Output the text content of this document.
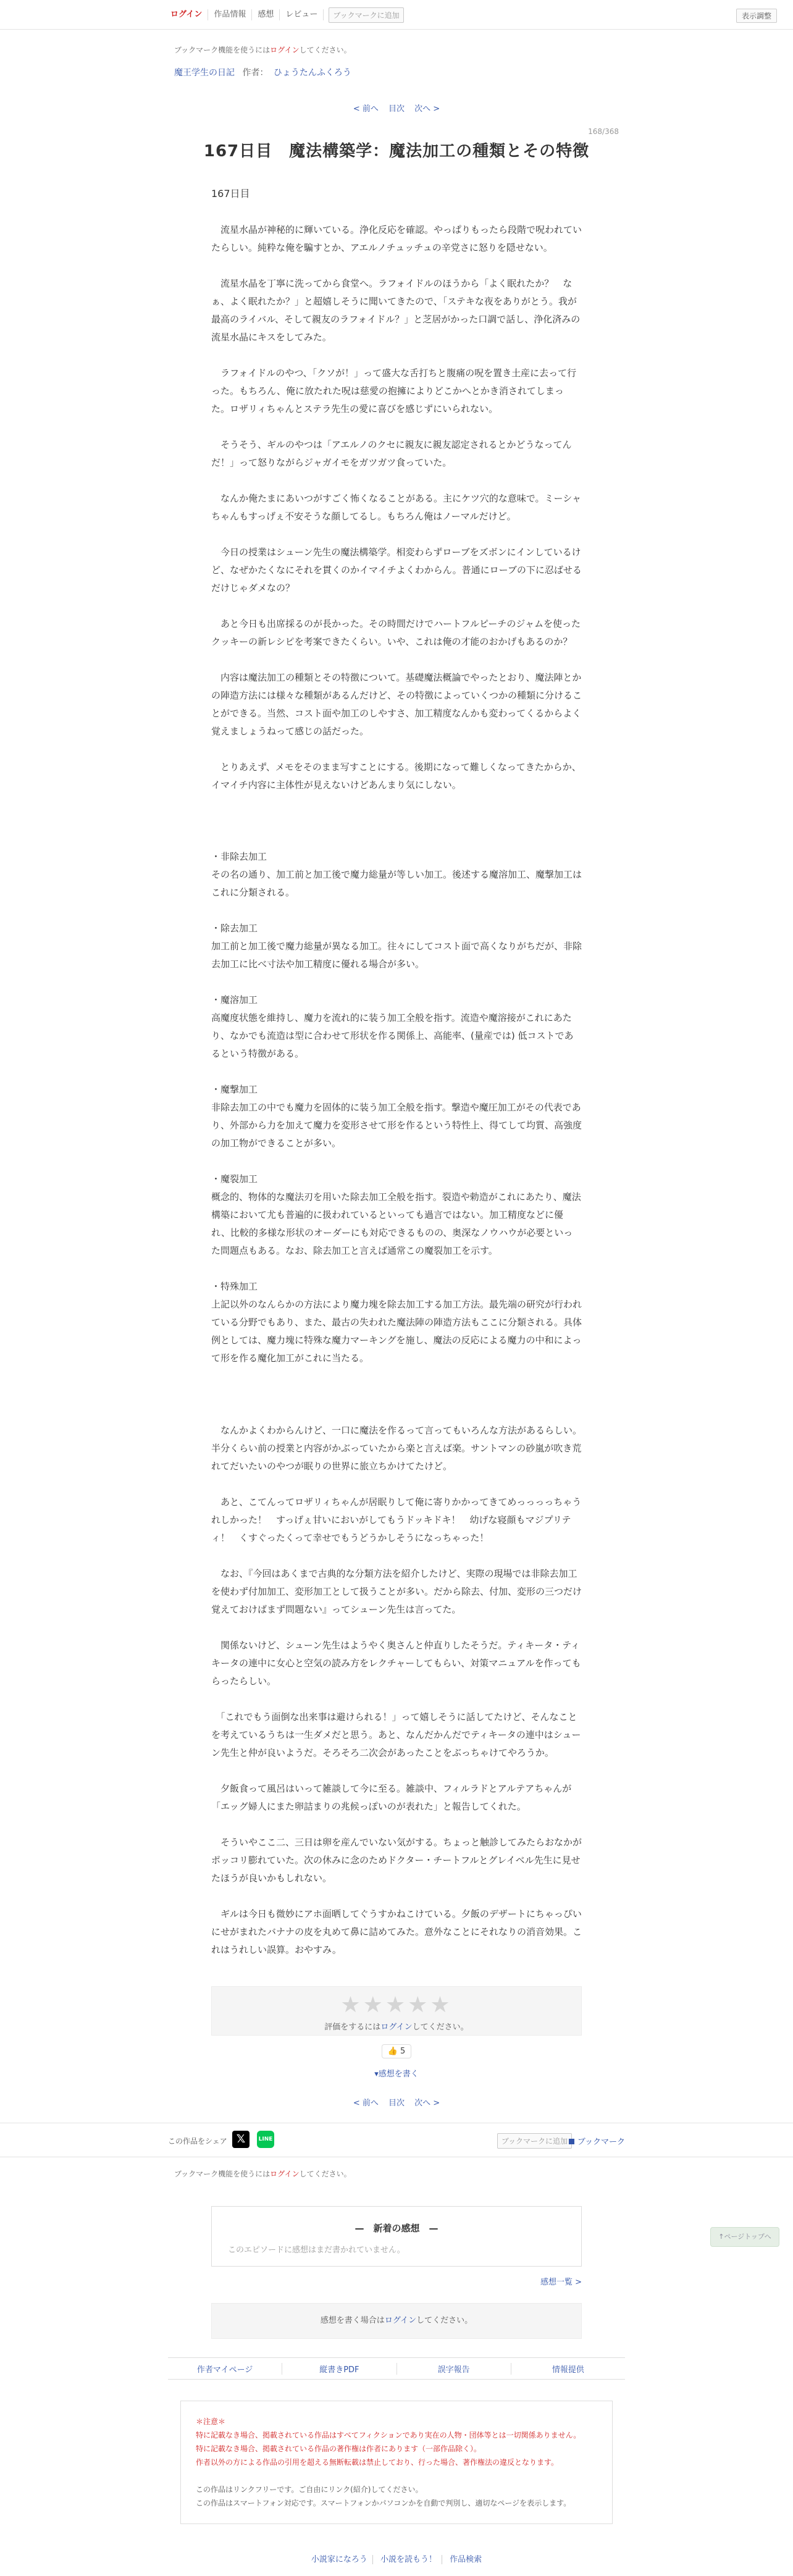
ログイン	作品情報	感想	レビュー	ブックマークに追加	表示調整
ブックマーク機能を使うにはログインしてください。
魔王学生の日記 作者： ひょうたんふくろう
< 前へ 目次 次へ >
168/368
167日目　魔法構築学：魔法加工の種類とその特徴

167日目

　流星水晶が神秘的に輝いている。浄化反応を確認。やっぱりもったら段階で呪われていたらしい。純粋な俺を騙すとか、アエルノチュッチュの辛党さに怒りを隠せない。

　流星水晶を丁寧に洗ってから食堂へ。ラフォイドルのほうから「よく眠れたか？　なぁ、よく眠れたか？」と超嬉しそうに聞いてきたので、「ステキな夜をありがとう。我が最高のライバル、そして親友のラフォイドル？」と芝居がかった口調で話し、浄化済みの流星水晶にキスをしてみた。

　ラフォイドルのやつ、「クソが！」って盛大な舌打ちと腹痛の呪を置き土産に去って行った。もちろん、俺に放たれた呪は慈愛の抱擁によりどこかへとかき消されてしまった。ロザリィちゃんとステラ先生の愛に喜びを感じずにいられない。

　そうそう、ギルのやつは「アエルノのクセに親友に親友認定されるとかどうなってんだ！」って怒りながらジャガイモをガツガツ食っていた。

　なんか俺たまにあいつがすごく怖くなることがある。主にケツ穴的な意味で。ミーシャちゃんもすっげぇ不安そうな顔してるし。もちろん俺はノーマルだけど。

　今日の授業はシューン先生の魔法構築学。相変わらずローブをズボンにインしているけど、なぜかたくなにそれを貫くのかイマイチよくわからん。普通にローブの下に忍ばせるだけじゃダメなの？

　あと今日も出席採るのが長かった。その時間だけでハートフルピーチのジャムを使ったクッキーの新レシピを考案できたくらい。いや、これは俺の才能のおかげもあるのか？

　内容は魔法加工の種類とその特徴について。基礎魔法概論でやったとおり、魔法陣とかの陣造方法には様々な種類があるんだけど、その特徴によっていくつかの種類に分けることができる。当然、コスト面や加工のしやすさ、加工精度なんかも変わってくるからよく覚えましょうねって感じの話だった。

　とりあえず、メモをそのまま写すことにする。後期になって難しくなってきたからか、イマイチ内容に主体性が見えないけどあんまり気にしない。

・非除去加工
その名の通り、加工前と加工後で魔力総量が等しい加工。後述する魔溶加工、魔撃加工はこれに分類される。
・除去加工
加工前と加工後で魔力総量が異なる加工。往々にしてコスト面で高くなりがちだが、非除去加工に比べ寸法や加工精度に優れる場合が多い。
・魔溶加工
高魔度状態を維持し、魔力を流れ的に装う加工全般を指す。流造や魔溶接がこれにあたり、なかでも流造は型に合わせて形状を作る関係上、高能率、(量産では) 低コストであるという特徴がある。
・魔撃加工
非除去加工の中でも魔力を固体的に装う加工全般を指す。撃造や魔圧加工がその代表であり、外部から力を加えて魔力を変形させて形を作るという特性上、得てして均質、高強度の加工物ができることが多い。
・魔裂加工
概念的、物体的な魔法刃を用いた除去加工全般を指す。裂造や勅造がこれにあたり、魔法構築において尤も普遍的に扱われているといっても過言ではない。加工精度などに優れ、比較的多様な形状のオーダーにも対応できるものの、奥深なノウハウが必要といった問題点もある。なお、除去加工と言えば通常この魔裂加工を示す。
・特殊加工
上記以外のなんらかの方法により魔力塊を除去加工する加工方法。最先端の研究が行われている分野でもあり、また、最古の失われた魔法陣の陣造方法もここに分類される。具体例としては、魔力塊に特殊な魔力マーキングを施し、魔法の反応による魔力の中和によって形を作る魔化加工がこれに当たる。

　なんかよくわからんけど、一口に魔法を作るって言ってもいろんな方法があるらしい。半分くらい前の授業と内容がかぶっていたから楽と言えば楽。サントマンの砂嵐が吹き荒れてだいたいのやつが眠りの世界に旅立ちかけてたけど。

　あと、こてんってロザリィちゃんが居眠りして俺に寄りかかってきてめっっっっちゃうれしかった！　すっげぇ甘いにおいがしてもうドッキドキ！　幼げな寝顔もマジプリティ！　くすぐったくって幸せでもうどうかしそうになっちゃった！

　なお、『今回はあくまで古典的な分類方法を紹介したけど、実際の現場では非除去加工を使わず付加加工、変形加工として扱うことが多い。だから除去、付加、変形の三つだけ覚えておけばまず問題ない』ってシューン先生は言ってた。

　関係ないけど、シューン先生はようやく奥さんと仲直りしたそうだ。ティキータ・ティキータの連中に女心と空気の読み方をレクチャーしてもらい、対策マニュアルを作ってもらったらしい。

　「これでもう面倒な出来事は避けられる！」って嬉しそうに話してたけど、そんなことを考えているうちは一生ダメだと思う。あと、なんだかんだでティキータの連中はシューン先生と仲が良いようだ。そろそろ二次会があったことをぶっちゃけてやろうか。

　夕飯食って風呂はいって雑談して今に至る。雑談中、フィルラドとアルテアちゃんが「エッグ婦人にまた卵詰まりの兆候っぽいのが表れた」と報告してくれた。

　そういやここ二、三日は卵を産んでいない気がする。ちょっと触診してみたらおなかがポッコリ膨れていた。次の休みに念のためドクター・チートフルとグレイベル先生に見せたほうが良いかもしれない。

　ギルは今日も微妙にアホ面晒してぐうすかねこけている。夕飯のデザートにちゃっぴいにせがまれたバナナの皮を丸めて鼻に詰めてみた。意外なことにそれなりの消音効果。これはうれしい誤算。おやすみ。

★★★★★
評価をするにはログインしてください。
👍 5
▾感想を書く
< 前へ 目次 次へ >
この作品をシェア 𝕏	LINE	ブックマークに追加	ブックマーク
ブックマーク機能を使うにはログインしてください。
—　新着の感想　—
このエピソードに感想はまだ書かれていません。
感想一覧 >
感想を書く場合はログインしてください。
↑ページトップへ
作者マイページ	縦書きPDF	誤字報告	情報提供
＊注意＊
特に記載なき場合、掲載されている作品はすべてフィクションであり実在の人物・団体等とは一切関係ありません。
特に記載なき場合、掲載されている作品の著作権は作者にあります（一部作品除く）。
作者以外の方による作品の引用を超える無断転載は禁止しており、行った場合、著作権法の違反となります。
この作品はリンクフリーです。ご自由にリンク(紹介)してください。
この作品はスマートフォン対応です。スマートフォンかパソコンかを自動で判別し、適切なページを表示します。
小説家になろう 小説を読もう！ 作品検索
